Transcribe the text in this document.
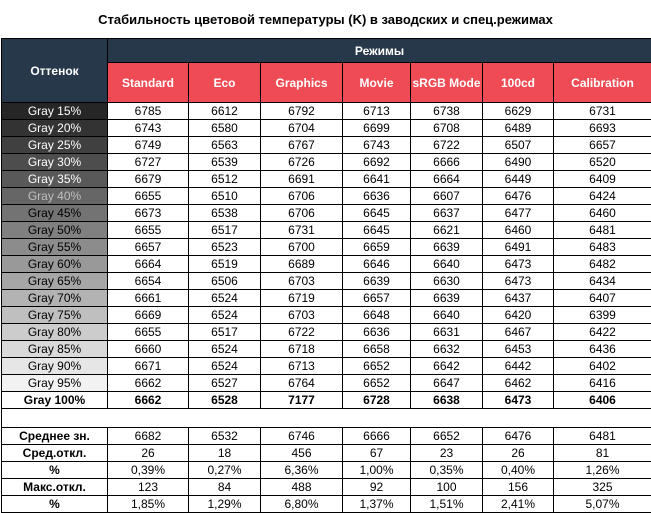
Стабильность цветовой температуры (K) в заводских и спец.режимах
Оттенок	Режимы						
	Standard	Eco	Graphics	Movie	sRGB Mode	100cd	Calibration
Gray 15%	6785	6612	6792	6713	6738	6629	6731
Gray 20%	6743	6580	6704	6699	6708	6489	6693
Gray 25%	6749	6563	6767	6743	6722	6507	6657
Gray 30%	6727	6539	6726	6692	6666	6490	6520
Gray 35%	6679	6512	6691	6641	6664	6449	6409
Gray 40%	6655	6510	6706	6636	6607	6476	6424
Gray 45%	6673	6538	6706	6645	6637	6477	6460
Gray 50%	6655	6517	6731	6645	6621	6460	6481
Gray 55%	6657	6523	6700	6659	6639	6491	6483
Gray 60%	6664	6519	6689	6646	6640	6473	6482
Gray 65%	6654	6506	6703	6639	6630	6473	6434
Gray 70%	6661	6524	6719	6657	6639	6437	6407
Gray 75%	6669	6524	6703	6648	6640	6420	6399
Gray 80%	6655	6517	6722	6636	6631	6467	6422
Gray 85%	6660	6524	6718	6658	6632	6453	6436
Gray 90%	6671	6524	6713	6652	6642	6442	6402
Gray 95%	6662	6527	6764	6652	6647	6462	6416
Gray 100%	6662	6528	7177	6728	6638	6473	6406

Среднее зн.	6682	6532	6746	6666	6652	6476	6481
Сред.откл.	26	18	456	67	23	26	81
%	0,39%	0,27%	6,36%	1,00%	0,35%	0,40%	1,26%
Макс.откл.	123	84	488	92	100	156	325
%	1,85%	1,29%	6,80%	1,37%	1,51%	2,41%	5,07%
